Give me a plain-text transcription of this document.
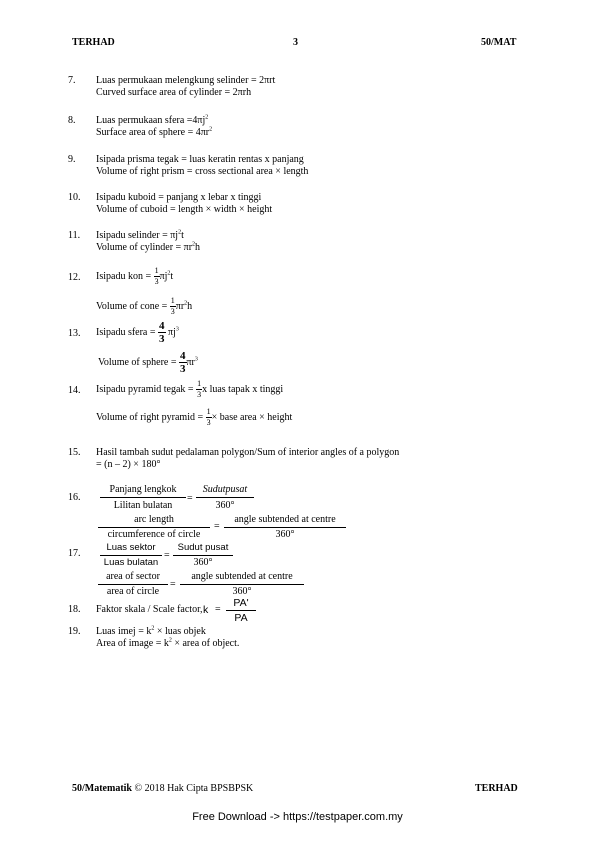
TERHAD	3	50/MAT
7. Luas permukaan melengkung selinder = 2πrt
Curved surface area of cylinder = 2πrh
8. Luas permukaan sfera $=4\pi j^2$
Surface area of sphere = $4\pi r^2$
9. Isipada prisma tegak = luas keratin rentas x panjang
Volume of right prism = cross sectional area × length
10. Isipadu kuboid = panjang x lebar x tinggi
Volume of cuboid = length × width × height
11. Isipadu selinder = $\pi j^2t$
Volume of cylinder = $\pi r^2h$
12. Isipadu kon = $\frac{1}{3} \pi j^2t$
Volume of cone = $\frac{1}{3} \pi r^2h$
13. Isipadu sfera = $\frac{4}{3} \pi j^3$
Volume of sphere = $\frac{4}{3} \pi r^3$
14. Isipadu pyramid tegak = $\frac{1}{3}$ x luas tapak x tinggi
Volume of right pyramid = $\frac{1}{3}$ × base area × height
15. Hasil tambah sudut pedalaman polygon/Sum of interior angles of a polygon
= (n – 2) × 180°
16.
Panjang lengkok
Lilitan bulatan
=
Sudutpusat
360°
arc length
circumference of circle
=
angle subtended at centre
360°
17.
Luas sektor
Luas bulatan
=
Sudut pusat
360°
area of sector
area of circle
=
angle subtended at centre
360°
18. Faktor skala / Scale factor, k =
PA'
PA
19. Luas imej = $k^2$ × luas objek
Area of image = $k^2$ × area of object.
50/Matematik © 2018 Hak Cipta BPSBPSK	TERHAD
Free Download -> https://testpaper.com.my
